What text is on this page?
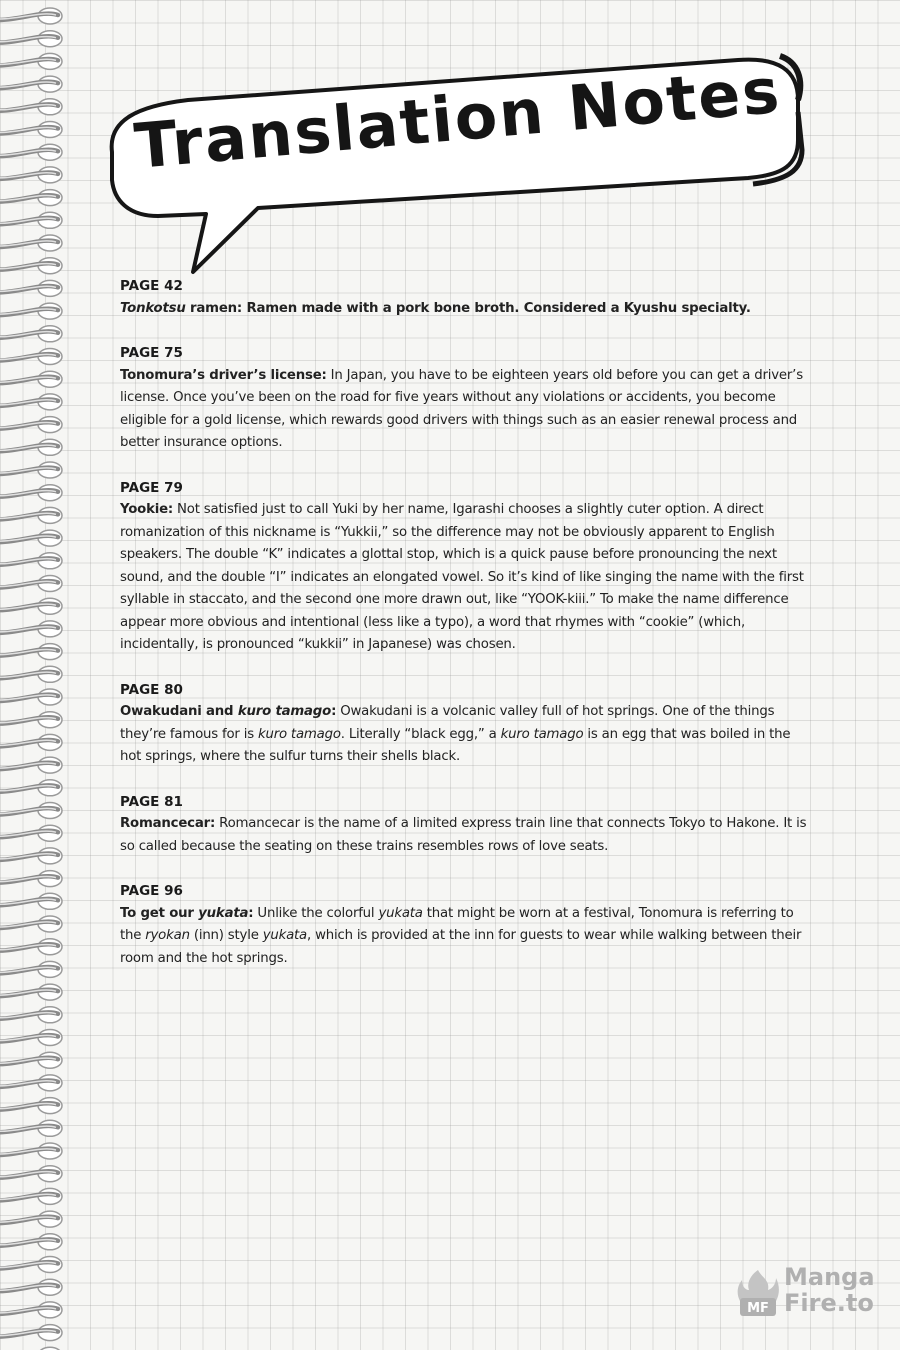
Translation Notes
PAGE 42
Tonkotsu ramen: Ramen made with a pork bone broth. Considered a Kyushu specialty.
PAGE 75
Tonomura’s driver’s license: In Japan, you have to be eighteen years old before you can get a driver’s license. Once you’ve been on the road for five years without any violations or accidents, you become eligible for a gold license, which rewards good drivers with things such as an easier renewal process and better insurance options.
PAGE 79
Yookie: Not satisfied just to call Yuki by her name, Igarashi chooses a slightly cuter option. A direct romanization of this nickname is “Yukkii,” so the difference may not be obviously apparent to English speakers. The double “K” indicates a glottal stop, which is a quick pause before pronouncing the next sound, and the double “I” indicates an elongated vowel. So it’s kind of like singing the name with the first syllable in staccato, and the second one more drawn out, like “YOOK-kiii.” To make the name difference appear more obvious and intentional (less like a typo), a word that rhymes with “cookie” (which, incidentally, is pronounced “kukkii” in Japanese) was chosen.
PAGE 80
Owakudani and kuro tamago: Owakudani is a volcanic valley full of hot springs. One of the things they’re famous for is kuro tamago. Literally “black egg,” a kuro tamago is an egg that was boiled in the hot springs, where the sulfur turns their shells black.
PAGE 81
Romancecar: Romancecar is the name of a limited express train line that connects Tokyo to Hakone. It is so called because the seating on these trains resembles rows of love seats.
PAGE 96
To get our yukata: Unlike the colorful yukata that might be worn at a festival, Tonomura is referring to the ryokan (inn) style yukata, which is provided at the inn for guests to wear while walking between their room and the hot springs.
MF
Manga
Fire.to
